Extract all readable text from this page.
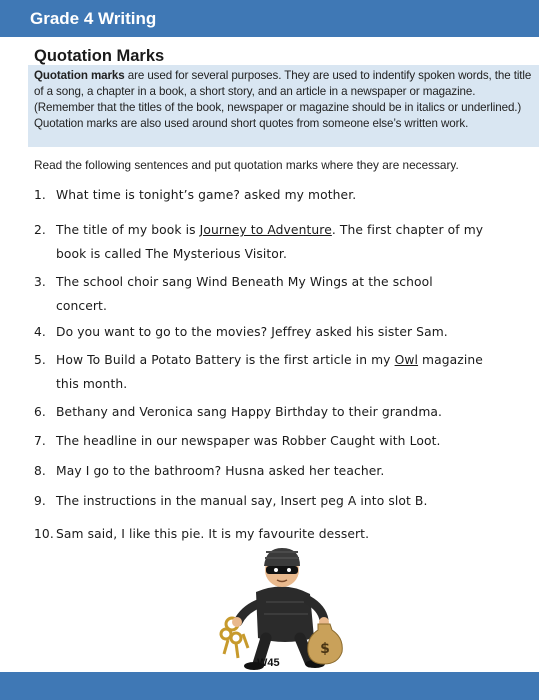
Grade 4 Writing
Quotation Marks
Quotation marks are used for several purposes. They are used to indentify spoken words, the title of a song, a chapter in a book, a short story, and an article in a newspaper or magazine. (Remember that the titles of the book, newspaper or magazine should be in italics or underlined.) Quotation marks are also used around short quotes from someone else’s written work.
Read the following sentences and put quotation marks where they are necessary.
1. What time is tonight’s game? asked my mother.
2. The title of my book is Journey to Adventure. The first chapter of my
book is called The Mysterious Visitor.
3. The school choir sang Wind Beneath My Wings at the school
concert.
4. Do you want to go to the movies? Jeffrey asked his sister Sam.
5. How To Build a Potato Battery is the first article in my Owl magazine
this month.
6. Bethany and Veronica sang Happy Birthday to their grandma.
7. The headline in our newspaper was Robber Caught with Loot.
8. May I go to the bathroom? Husna asked her teacher.
9. The instructions in the manual say, Insert peg A into slot B.
10. Sam said, I like this pie. It is my favourite dessert.
$
W45
